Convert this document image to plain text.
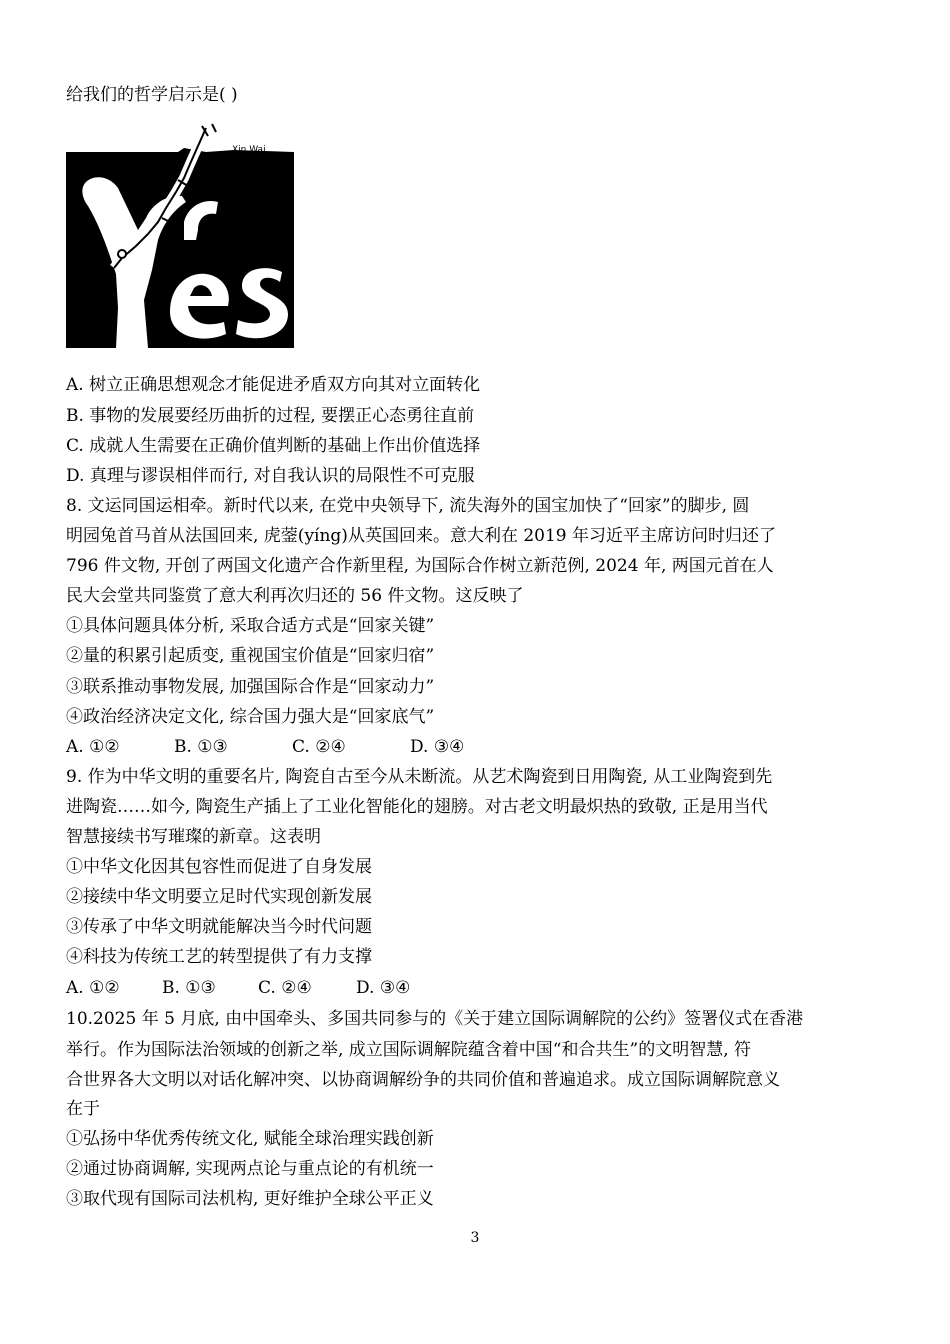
给我们的哲学启示是( )
Xin Wai
A. 树立正确思想观念才能促进矛盾双方向其对立面转化
B. 事物的发展要经历曲折的过程, 要摆正心态勇往直前
C. 成就人生需要在正确价值判断的基础上作出价值选择
D. 真理与谬误相伴而行, 对自我认识的局限性不可克服
8. 文运同国运相牵。新时代以来, 在党中央领导下, 流失海外的国宝加快了“回家”的脚步, 圆
明园兔首马首从法国回来, 虎蓥(yíng)从英国回来。意大利在 2019 年习近平主席访问时归还了
796 件文物, 开创了两国文化遗产合作新里程, 为国际合作树立新范例, 2024 年, 两国元首在人
民大会堂共同鉴赏了意大利再次归还的 56 件文物。这反映了
①具体问题具体分析, 采取合适方式是“回家关键”
②量的积累引起质变, 重视国宝价值是“回家归宿”
③联系推动事物发展, 加强国际合作是“回家动力”
④政治经济决定文化, 综合国力强大是“回家底气”
A. ①②	B. ①③	C. ②④	D. ③④
9. 作为中华文明的重要名片, 陶瓷自古至今从未断流。从艺术陶瓷到日用陶瓷, 从工业陶瓷到先
进陶瓷……如今, 陶瓷生产插上了工业化智能化的翅膀。对古老文明最炽热的致敬, 正是用当代
智慧接续书写璀璨的新章。这表明
①中华文化因其包容性而促进了自身发展
②接续中华文明要立足时代实现创新发展
③传承了中华文明就能解决当今时代问题
④科技为传统工艺的转型提供了有力支撑
A. ①② B. ①③ C. ②④	D. ③④
10.2025 年 5 月底, 由中国牵头、多国共同参与的《关于建立国际调解院的公约》签署仪式在香港
举行。作为国际法治领域的创新之举, 成立国际调解院蕴含着中国“和合共生”的文明智慧, 符
合世界各大文明以对话化解冲突、以协商调解纷争的共同价值和普遍追求。成立国际调解院意义
在于
①弘扬中华优秀传统文化, 赋能全球治理实践创新
②通过协商调解, 实现两点论与重点论的有机统一
③取代现有国际司法机构, 更好维护全球公平正义
3
